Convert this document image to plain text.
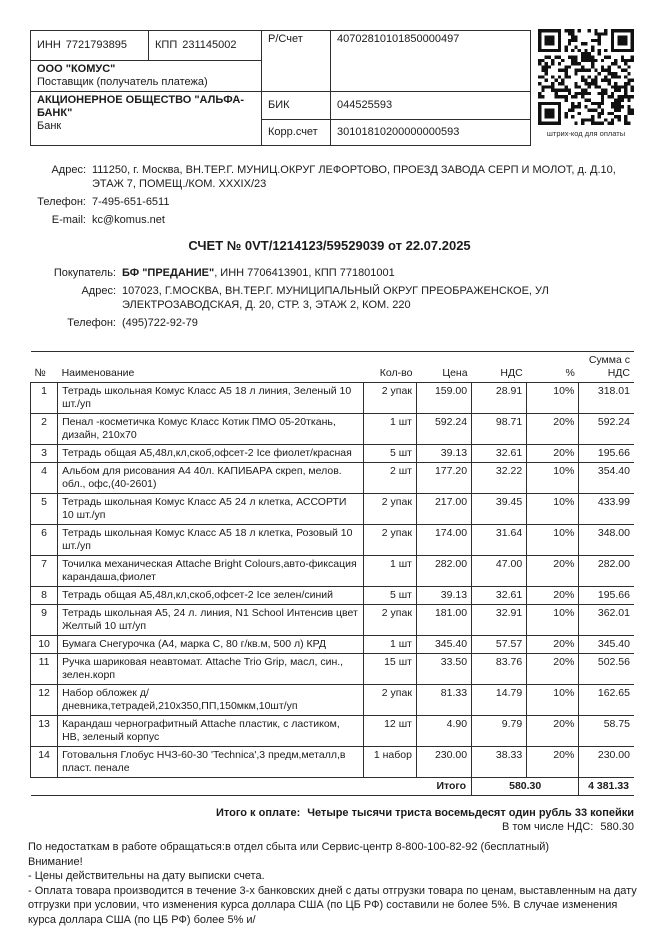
ИНН 7721793895	КПП 231145002
ООО "КОМУС"
Поставщик (получатель платежа)
АКЦИОНЕРНОЕ ОБЩЕСТВО "АЛЬФА-БАНК"
Банк
Р/Счет	40702810101850000497
БИК	044525593
Корр.счет	30101810200000000593	штрих-код для оплаты
Адрес: 111250, г. Москва, ВН.ТЕР.Г. МУНИЦ.ОКРУГ ЛЕФОРТОВО, ПРОЕЗД ЗАВОДА СЕРП И МОЛОТ, д. Д.10, ЭТАЖ 7, ПОМЕЩ./КОМ. XXXIX/23
Телефон: 7-495-651-6511
E-mail: kc@komus.net
СЧЕТ № 0VT/1214123/59529039 от 22.07.2025
Покупатель: БФ "ПРЕДАНИЕ", ИНН 7706413901, КПП 771801001
Адрес: 107023, Г.МОСКВА, ВН.ТЕР.Г. МУНИЦИПАЛЬНЫЙ ОКРУГ ПРЕОБРАЖЕНСКОЕ, УЛ ЭЛЕКТРОЗАВОДСКАЯ, Д. 20, СТР. 3, ЭТАЖ 2, КОМ. 220
Телефон: (495)722-92-79
№	Наименование	Кол-во	Цена	НДС	%	Сумма с НДС
1	Тетрадь школьная Комус Класс А5 18 л линия, Зеленый 10 шт./уп	2 упак	159.00	28.91	10%	318.01
2	Пенал -косметичка Комус Класс Котик ПМО 05-20ткань, дизайн, 210х70	1 шт	592.24	98.71	20%	592.24
3	Тетрадь общая А5,48л,кл,скоб,офсет-2 Ice фиолет/красная	5 шт	39.13	32.61	20%	195.66
4	Альбом для рисования А4 40л. КАПИБАРА скреп, мелов. обл., офс,(40-2601)	2 шт	177.20	32.22	10%	354.40
5	Тетрадь школьная Комус Класс А5 24 л клетка, АССОРТИ 10 шт./уп	2 упак	217.00	39.45	10%	433.99
6	Тетрадь школьная Комус Класс А5 18 л клетка, Розовый 10 шт./уп	2 упак	174.00	31.64	10%	348.00
7	Точилка механическая Attache Bright Colours,авто-фиксация карандаша,фиолет	1 шт	282.00	47.00	20%	282.00
8	Тетрадь общая А5,48л,кл,скоб,офсет-2 Ice зелен/синий	5 шт	39.13	32.61	20%	195.66
9	Тетрадь школьная А5, 24 л. линия, N1 School Интенсив цвет Желтый 10 шт/уп	2 упак	181.00	32.91	10%	362.01
10	Бумага Снегурочка (А4, марка С, 80 г/кв.м, 500 л) КРД	1 шт	345.40	57.57	20%	345.40
11	Ручка шариковая неавтомат. Attache Trio Grip, масл, син., зелен.корп	15 шт	33.50	83.76	20%	502.56
12	Набор обложек д/дневника,тетрадей,210х350,ПП,150мкм,10шт/уп	2 упак	81.33	14.79	10%	162.65
13	Карандаш чернографитный Attache пластик, с ластиком, НВ, зеленый корпус	12 шт	4.90	9.79	20%	58.75
14	Готовальня Глобус НЧЗ-60-30 'Technica',3 предм,металл,в пласт. пенале	1 набор	230.00	38.33	20%	230.00
Итого				580.30		4 381.33
Итого к оплате: Четыре тысячи триста восемьдесят один рубль 33 копейки
В том числе НДС: 580.30
По недостаткам в работе обращаться:в отдел сбыта или Сервис-центр 8-800-100-82-92 (бесплатный)
Внимание!
- Цены действительны на дату выписки счета.
- Оплата товара производится в течение 3-х банковских дней с даты отгрузки товара по ценам, выставленным на дату отгрузки при условии, что изменения курса доллара США (по ЦБ РФ) составили не более 5%. В случае изменения курса доллара США (по ЦБ РФ) более 5% и/
